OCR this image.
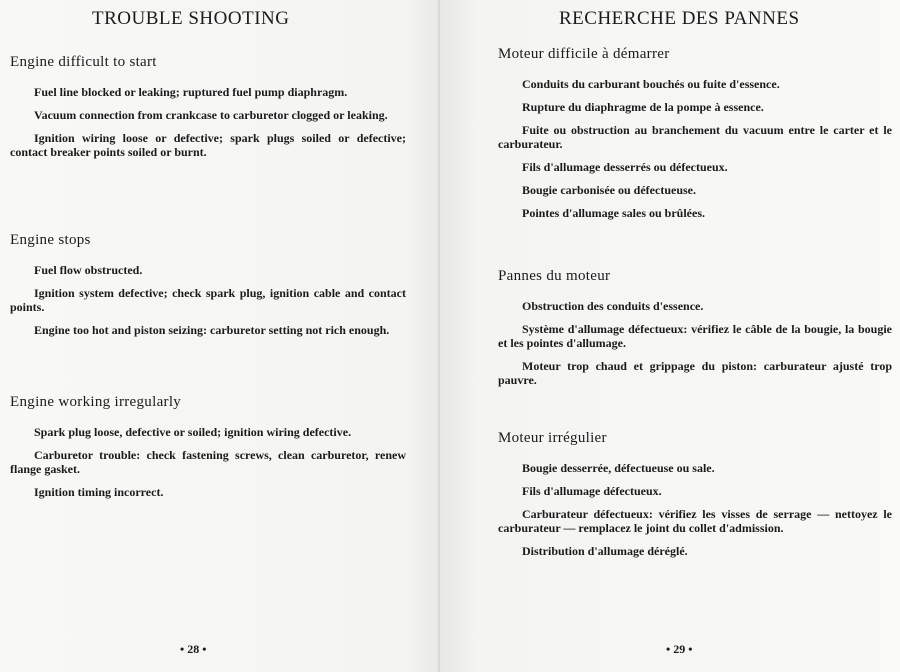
TROUBLE SHOOTING
Engine difficult to start

Fuel line blocked or leaking; ruptured fuel pump diaphragm.

Vacuum connection from crankcase to carburetor clogged or leaking.

Ignition wiring loose or defective; spark plugs soiled or defective; contact breaker points soiled or burnt.

Engine stops

Fuel flow obstructed.

Ignition system defective; check spark plug, ignition cable and contact points.

Engine too hot and piston seizing: carburetor setting not rich enough.

Engine working irregularly

Spark plug loose, defective or soiled; ignition wiring defective.

Carburetor trouble: check fastening screws, clean carburetor, renew flange gasket.

Ignition timing incorrect.

• 28 •

RECHERCHE DES PANNES
Moteur difficile à démarrer

Conduits du carburant bouchés ou fuite d'essence.

Rupture du diaphragme de la pompe à essence.

Fuite ou obstruction au branchement du vacuum entre le carter et le carburateur.

Fils d'allumage desserrés ou défectueux.

Bougie carbonisée ou défectueuse.

Pointes d'allumage sales ou brûlées.

Pannes du moteur

Obstruction des conduits d'essence.

Système d'allumage défectueux: vérifiez le câble de la bougie, la bougie et les pointes d'allumage.

Moteur trop chaud et grippage du piston: carburateur ajusté trop pauvre.

Moteur irrégulier

Bougie desserrée, défectueuse ou sale.

Fils d'allumage défectueux.

Carburateur défectueux: vérifiez les visses de serrage — nettoyez le carburateur — remplacez le joint du collet d'admission.

Distribution d'allumage déréglé.

• 29 •
